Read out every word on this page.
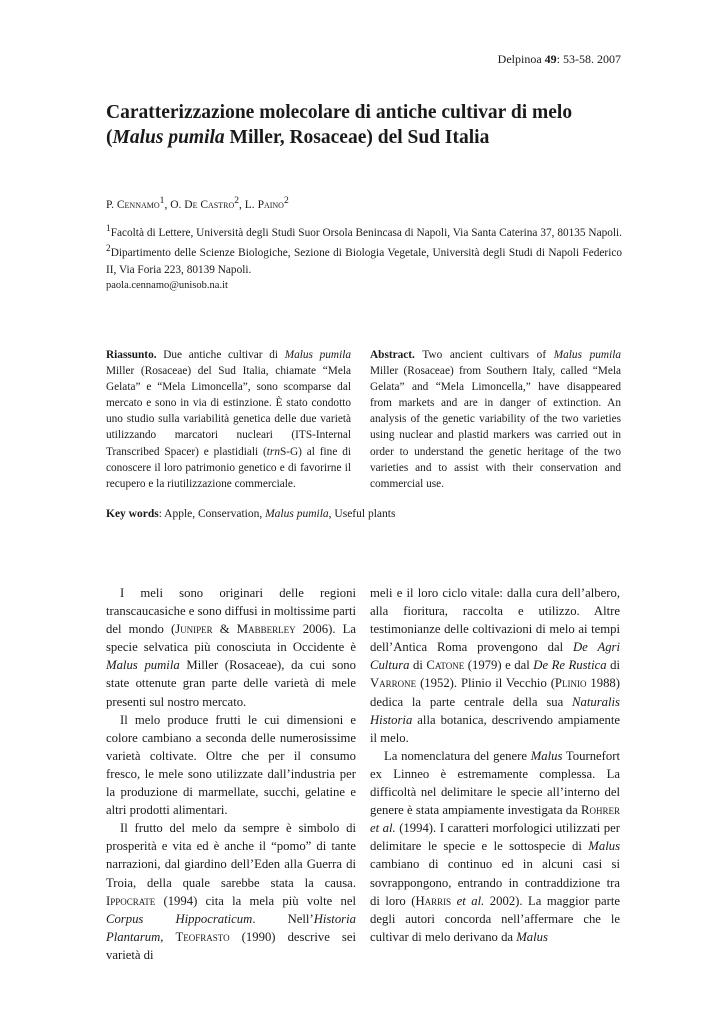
Delpinoa 49: 53-58. 2007
Caratterizzazione molecolare di antiche cultivar di melo
(Malus pumila Miller, Rosaceae) del Sud Italia
P. Cennamo$^1$, O. De Castro$^2$, L. Paino$^2$
$^1$Facoltà di Lettere, Università degli Studi Suor Orsola Benincasa di Napoli, Via Santa Caterina 37, 80135 Napoli. $^2$Dipartimento delle Scienze Biologiche, Sezione di Biologia Vegetale, Università degli Studi di Napoli Federico II, Via Foria 223, 80139 Napoli.
paola.cennamo@unisob.na.it
Riassunto. Due antiche cultivar di Malus pumila Miller (Rosaceae) del Sud Italia, chiamate “Mela Gelata” e “Mela Limoncella”, sono scomparse dal mercato e sono in via di estinzione. È stato condotto uno studio sulla variabilità genetica delle due varietà utilizzando marcatori nucleari (ITS-Internal Transcribed Spacer) e plastidiali (trnS-G) al fine di conoscere il loro patrimonio genetico e di favorirne il recupero e la riutilizzazione commerciale.
Abstract. Two ancient cultivars of Malus pumila Miller (Rosaceae) from Southern Italy, called “Mela Gelata” and “Mela Limoncella,” have disappeared from markets and are in danger of extinction. An analysis of the genetic variability of the two varieties using nuclear and plastid markers was carried out in order to understand the genetic heritage of the two varieties and to assist with their conservation and commercial use.
Key words: Apple, Conservation, Malus pumila, Useful plants

I meli sono originari delle regioni transcaucasiche e sono diffusi in moltissime parti del mondo (Juniper & Mabberley 2006). La specie selvatica più conosciuta in Occidente è Malus pumila Miller (Rosaceae), da cui sono state ottenute gran parte delle varietà di mele presenti sul nostro mercato.

Il melo produce frutti le cui dimensioni e colore cambiano a seconda delle numerosissime varietà coltivate. Oltre che per il consumo fresco, le mele sono utilizzate dall’industria per la produzione di marmellate, succhi, gelatine e altri prodotti alimentari.

Il frutto del melo da sempre è simbolo di prosperità e vita ed è anche il “pomo” di tante narrazioni, dal giardino dell’Eden alla Guerra di Troia, della quale sarebbe stata la causa. Ippocrate (1994) cita la mela più volte nel Corpus Hippocraticum. Nell’Historia Plantarum, Teofrasto (1990) descrive sei varietà di

meli e il loro ciclo vitale: dalla cura dell’albero, alla fioritura, raccolta e utilizzo. Altre testimonianze delle coltivazioni di melo ai tempi dell’Antica Roma provengono dal De Agri Cultura di Catone (1979) e dal De Re Rustica di Varrone (1952). Plinio il Vecchio (Plinio 1988) dedica la parte centrale della sua Naturalis Historia alla botanica, descrivendo ampiamente il melo.

La nomenclatura del genere Malus Tournefort ex Linneo è estremamente complessa. La difficoltà nel delimitare le specie all’interno del genere è stata ampiamente investigata da Rohrer et al. (1994). I caratteri morfologici utilizzati per delimitare le specie e le sottospecie di Malus cambiano di continuo ed in alcuni casi si sovrappongono, entrando in contraddizione tra di loro (Harris et al. 2002). La maggior parte degli autori concorda nell’affermare che le cultivar di melo derivano da Malus
